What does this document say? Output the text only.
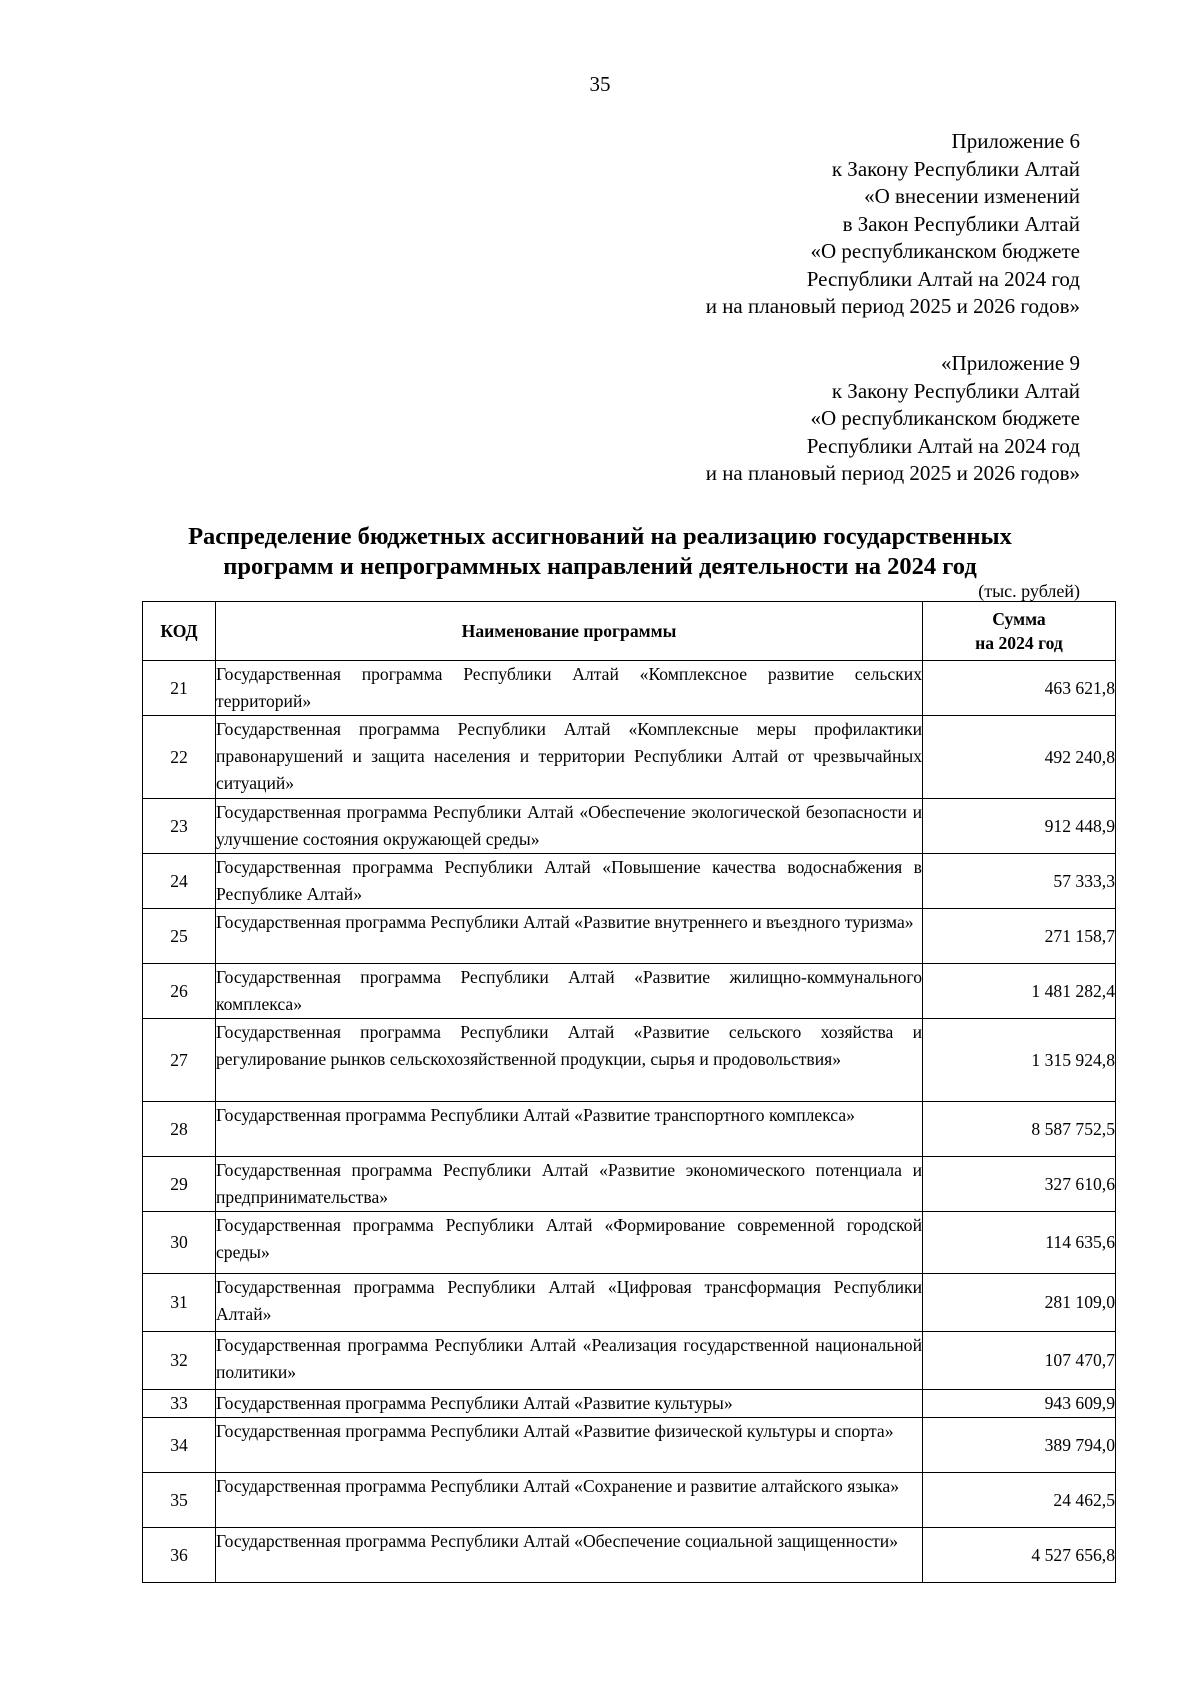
35
Приложение 6
к Закону Республики Алтай
«О внесении изменений
в Закон Республики Алтай
«О республиканском бюджете
Республики Алтай на 2024 год
и на плановый период 2025 и 2026 годов»
«Приложение 9
к Закону Республики Алтай
«О республиканском бюджете
Республики Алтай на 2024 год
и на плановый период 2025 и 2026 годов»
Распределение бюджетных ассигнований на реализацию государственных
программ и непрограммных направлений деятельности на 2024 год
(тыс. рублей)
КОД	Наименование программы	Сумма
на 2024 год

21	Государственная программа Республики Алтай «Комплексное развитие сельских территорий»	463 621,8
22	Государственная программа Республики Алтай «Комплексные меры профилактики правонарушений и защита населения и территории Республики Алтай от чрезвычайных ситуаций»	492 240,8
23	Государственная программа Республики Алтай «Обеспечение экологической безопасности и улучшение состояния окружающей среды»	912 448,9
24	Государственная программа Республики Алтай «Повышение качества водоснабжения в Республике Алтай»	57 333,3
25	Государственная программа Республики Алтай «Развитие внутреннего и въездного туризма»	271 158,7
26	Государственная программа Республики Алтай «Развитие жилищно-коммунального комплекса»	1 481 282,4
27	Государственная программа Республики Алтай «Развитие сельского хозяйства и регулирование рынков сельскохозяйственной продукции, сырья и продовольствия»	1 315 924,8
28	Государственная программа Республики Алтай «Развитие транспортного комплекса»	8 587 752,5
29	Государственная программа Республики Алтай «Развитие экономического потенциала и предпринимательства»	327 610,6
30	Государственная программа Республики Алтай «Формирование современной городской среды»	114 635,6
31	Государственная программа Республики Алтай «Цифровая трансформация Республики Алтай»	281 109,0
32	Государственная программа Республики Алтай «Реализация государственной национальной политики»	107 470,7
33	Государственная программа Республики Алтай «Развитие культуры»	943 609,9
34	Государственная программа Республики Алтай «Развитие физической культуры и спорта»	389 794,0
35	Государственная программа Республики Алтай «Сохранение и развитие алтайского языка»	24 462,5
36	Государственная программа Республики Алтай «Обеспечение социальной защищенности»	4 527 656,8
